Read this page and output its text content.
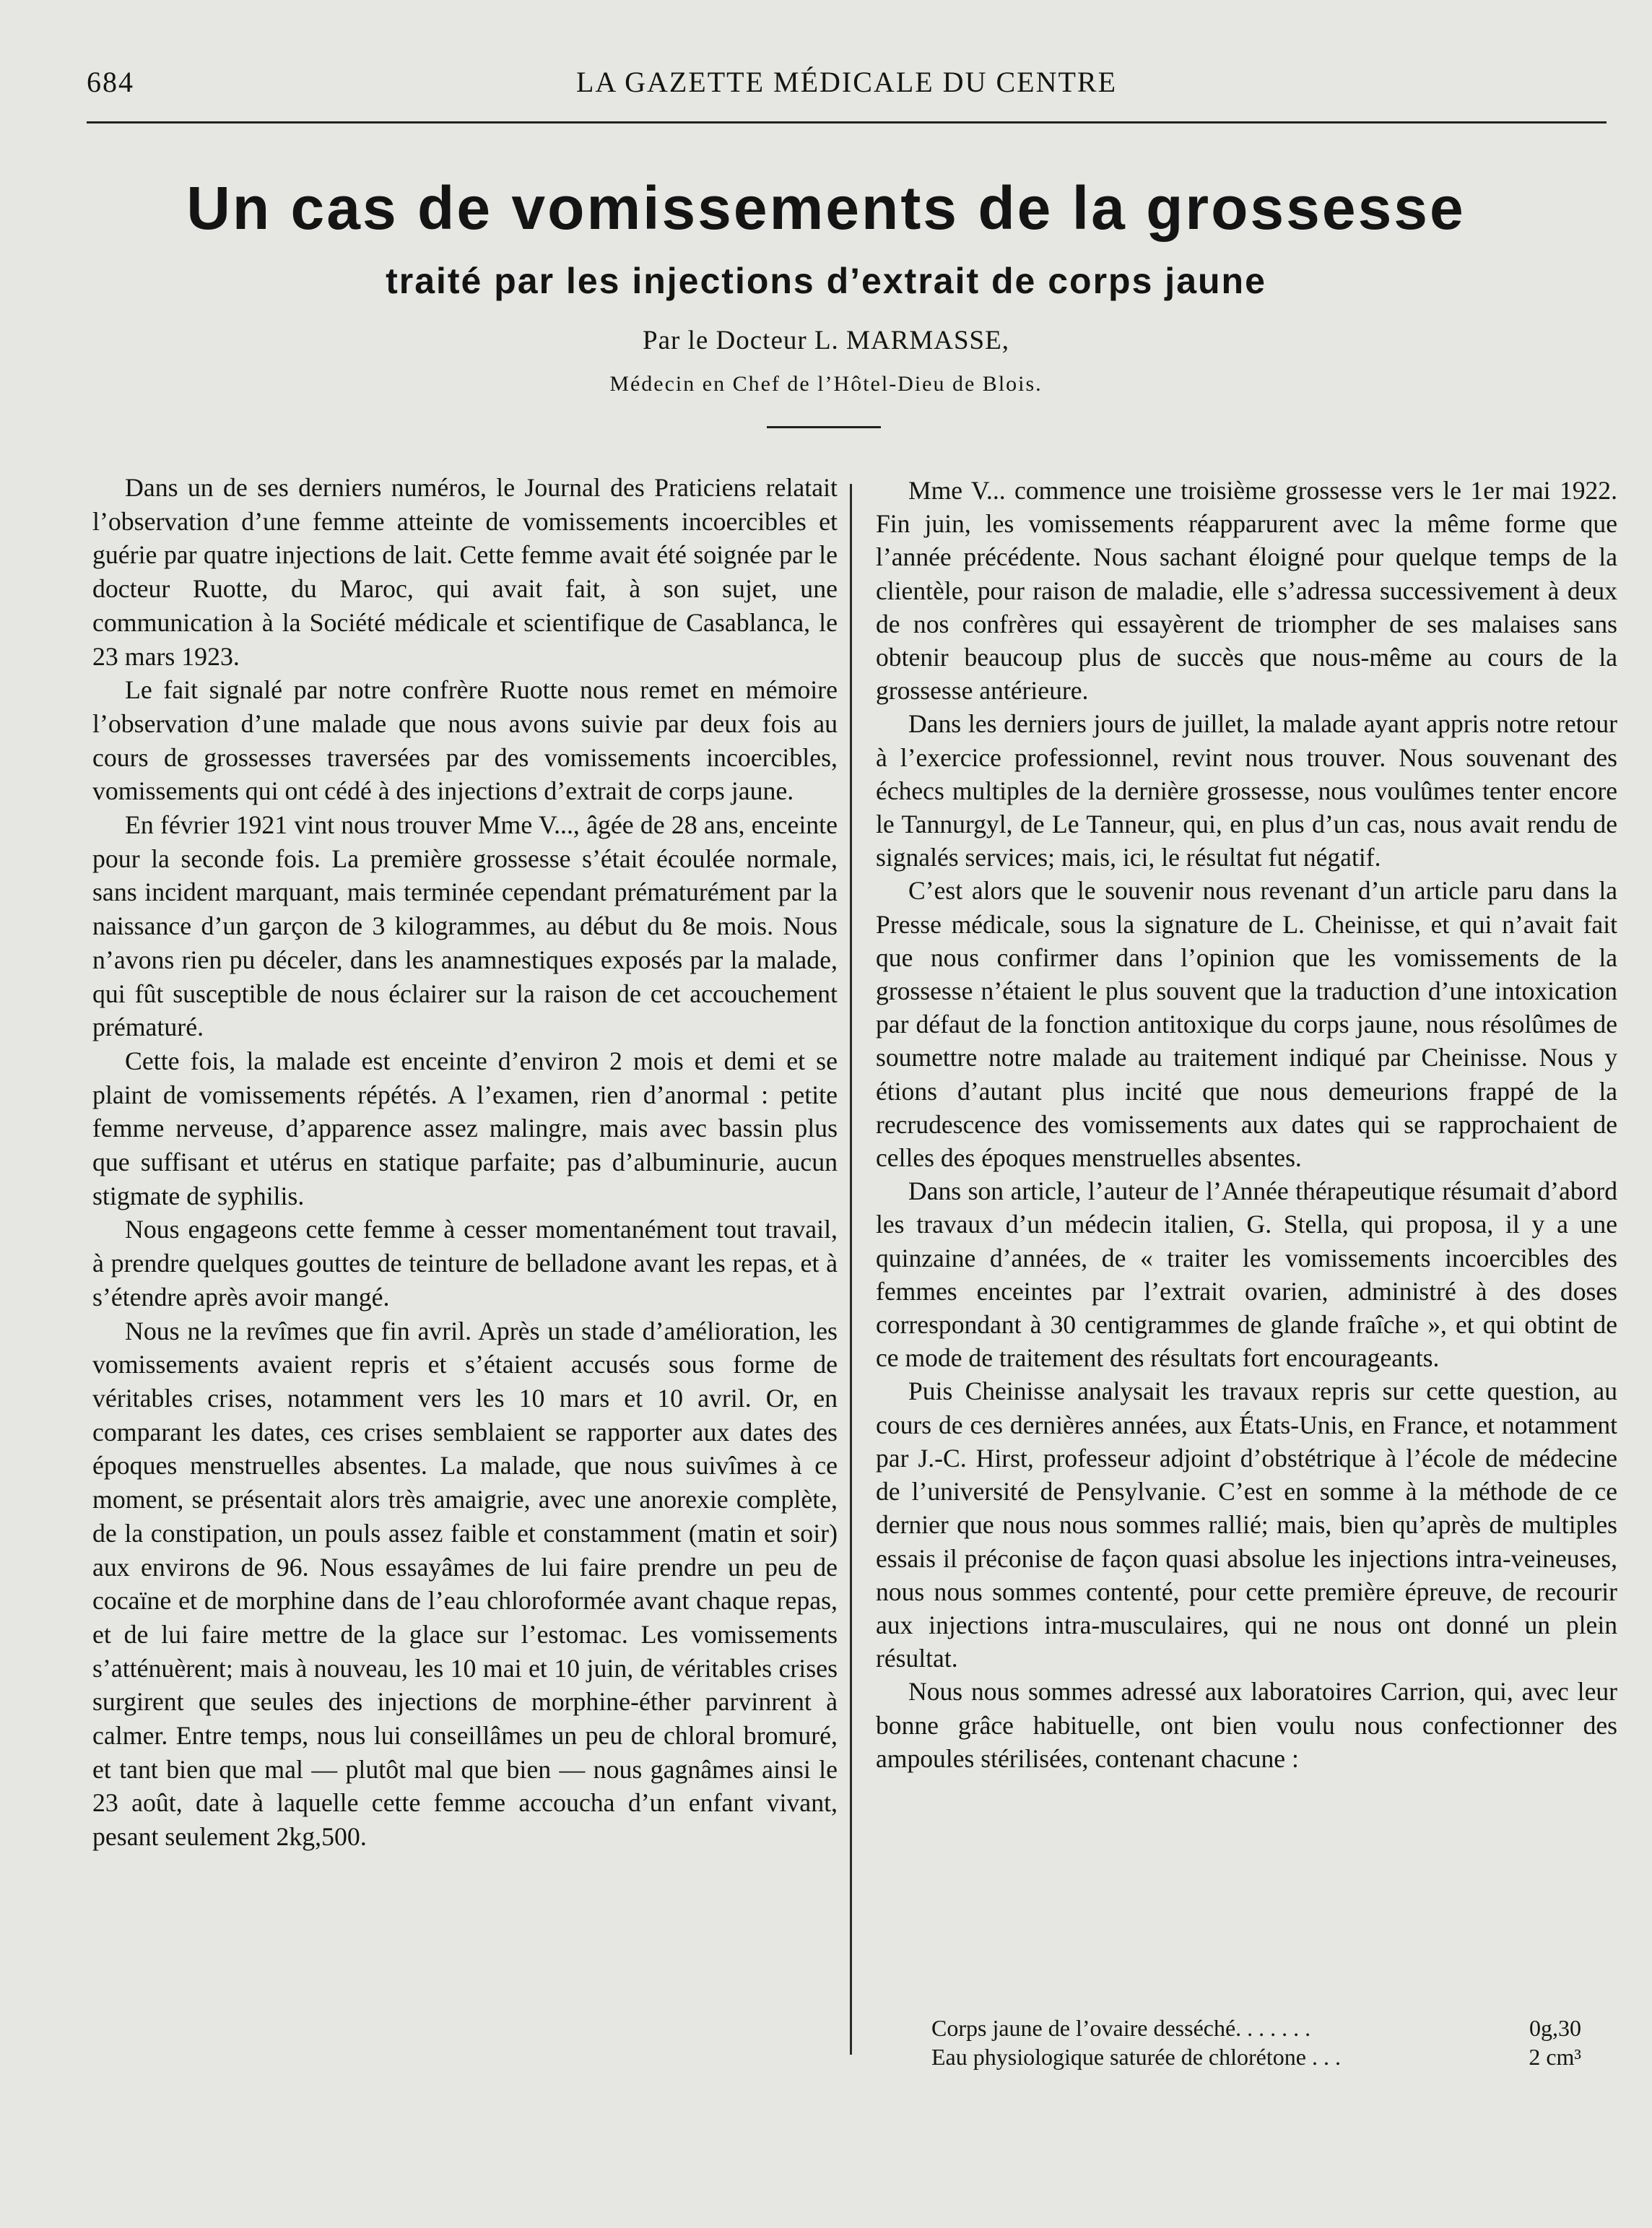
684	LA GAZETTE MÉDICALE DU CENTRE
Un cas de vomissements de la grossesse
traité par les injections d’extrait de corps jaune
Par le Docteur L. MARMASSE,
Médecin en Chef de l’Hôtel-Dieu de Blois.

Dans un de ses derniers numéros, le Journal des Praticiens relatait l’observation d’une femme atteinte de vomissements incoercibles et guérie par quatre injections de lait. Cette femme avait été soignée par le docteur Ruotte, du Maroc, qui avait fait, à son sujet, une communication à la Société médicale et scientifique de Casablanca, le 23 mars 1923.

Le fait signalé par notre confrère Ruotte nous remet en mémoire l’observation d’une malade que nous avons suivie par deux fois au cours de grossesses traversées par des vomissements incoercibles, vomissements qui ont cédé à des injections d’extrait de corps jaune.

En février 1921 vint nous trouver Mme V..., âgée de 28 ans, enceinte pour la seconde fois. La première grossesse s’était écoulée normale, sans incident marquant, mais terminée cependant prématurément par la naissance d’un garçon de 3 kilogrammes, au début du 8e mois. Nous n’avons rien pu déceler, dans les anamnestiques exposés par la malade, qui fût susceptible de nous éclairer sur la raison de cet accouchement prématuré.

Cette fois, la malade est enceinte d’environ 2 mois et demi et se plaint de vomissements répétés. A l’examen, rien d’anormal : petite femme nerveuse, d’apparence assez malingre, mais avec bassin plus que suffisant et utérus en statique parfaite; pas d’albuminurie, aucun stigmate de syphilis.

Nous engageons cette femme à cesser momentanément tout travail, à prendre quelques gouttes de teinture de belladone avant les repas, et à s’étendre après avoir mangé.

Nous ne la revîmes que fin avril. Après un stade d’amélioration, les vomissements avaient repris et s’étaient accusés sous forme de véritables crises, notamment vers les 10 mars et 10 avril. Or, en comparant les dates, ces crises semblaient se rapporter aux dates des époques menstruelles absentes. La malade, que nous suivîmes à ce moment, se présentait alors très amaigrie, avec une anorexie complète, de la constipation, un pouls assez faible et constamment (matin et soir) aux environs de 96. Nous essayâmes de lui faire prendre un peu de cocaïne et de morphine dans de l’eau chloroformée avant chaque repas, et de lui faire mettre de la glace sur l’estomac. Les vomissements s’atténuèrent; mais à nouveau, les 10 mai et 10 juin, de véritables crises surgirent que seules des injections de morphine-éther parvinrent à calmer. Entre temps, nous lui conseillâmes un peu de chloral bromuré, et tant bien que mal — plutôt mal que bien — nous gagnâmes ainsi le 23 août, date à laquelle cette femme accoucha d’un enfant vivant, pesant seulement 2kg,500.

Mme V... commence une troisième grossesse vers le 1er mai 1922. Fin juin, les vomissements réapparurent avec la même forme que l’année précédente. Nous sachant éloigné pour quelque temps de la clientèle, pour raison de maladie, elle s’adressa successivement à deux de nos confrères qui essayèrent de triompher de ses malaises sans obtenir beaucoup plus de succès que nous-même au cours de la grossesse antérieure.

Dans les derniers jours de juillet, la malade ayant appris notre retour à l’exercice professionnel, revint nous trouver. Nous souvenant des échecs multiples de la dernière grossesse, nous voulûmes tenter encore le Tannurgyl, de Le Tanneur, qui, en plus d’un cas, nous avait rendu de signalés services; mais, ici, le résultat fut négatif.

C’est alors que le souvenir nous revenant d’un article paru dans la Presse médicale, sous la signature de L. Cheinisse, et qui n’avait fait que nous confirmer dans l’opinion que les vomissements de la grossesse n’étaient le plus souvent que la traduction d’une intoxication par défaut de la fonction antitoxique du corps jaune, nous résolûmes de soumettre notre malade au traitement indiqué par Cheinisse. Nous y étions d’autant plus incité que nous demeurions frappé de la recrudescence des vomissements aux dates qui se rapprochaient de celles des époques menstruelles absentes.

Dans son article, l’auteur de l’Année thérapeutique résumait d’abord les travaux d’un médecin italien, G. Stella, qui proposa, il y a une quinzaine d’années, de « traiter les vomissements incoercibles des femmes enceintes par l’extrait ovarien, administré à des doses correspondant à 30 centigrammes de glande fraîche », et qui obtint de ce mode de traitement des résultats fort encourageants.

Puis Cheinisse analysait les travaux repris sur cette question, au cours de ces dernières années, aux États-Unis, en France, et notamment par J.-C. Hirst, professeur adjoint d’obstétrique à l’école de médecine de l’université de Pensylvanie. C’est en somme à la méthode de ce dernier que nous nous sommes rallié; mais, bien qu’après de multiples essais il préconise de façon quasi absolue les injections intra-veineuses, nous nous sommes contenté, pour cette première épreuve, de recourir aux injections intra-musculaires, qui ne nous ont donné un plein résultat.

Nous nous sommes adressé aux laboratoires Carrion, qui, avec leur bonne grâce habituelle, ont bien voulu nous confectionner des ampoules stérilisées, contenant chacune :

Corps jaune de l’ovaire desséché. . . . . . .	0g,30
Eau physiologique saturée de chlorétone . . .	2 cm³
